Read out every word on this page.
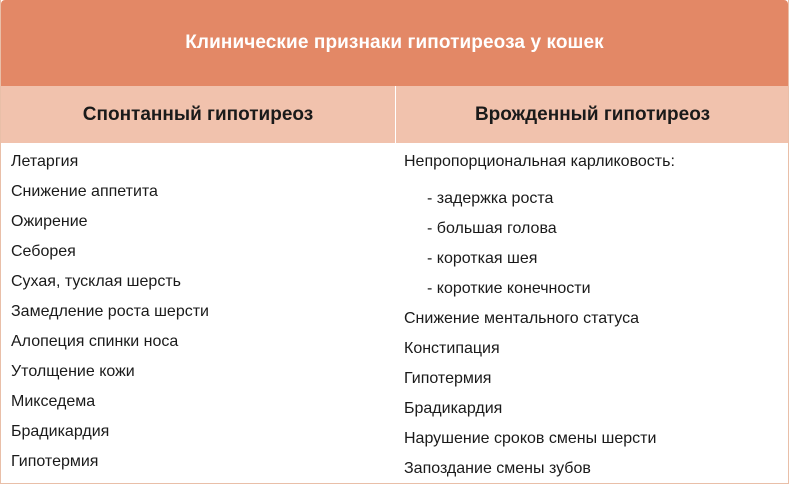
Клинические признаки гипотиреоза у кошек
Спонтанный гипотиреоз	Врожденный гипотиреоз
Летаргия
Снижение аппетита
Ожирение
Себорея
Сухая, тусклая шерсть
Замедление роста шерсти
Алопеция спинки носа
Утолщение кожи
Микседема
Брадикардия
Гипотермия
Непропорциональная карликовость:
- задержка роста
- большая голова
- короткая шея
- короткие конечности
Снижение ментального статуса
Констипация
Гипотермия
Брадикардия
Нарушение сроков смены шерсти
Запоздание смены зубов
